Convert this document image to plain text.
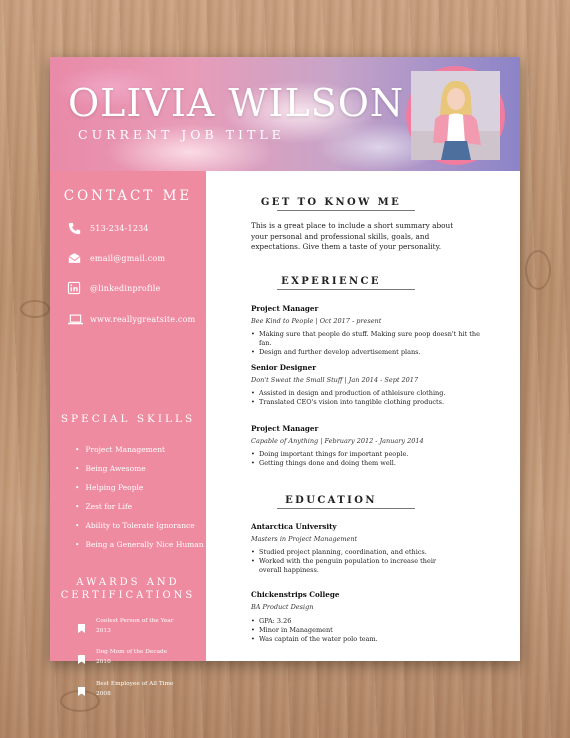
OLIVIA WILSON
CURRENT JOB TITLE
CONTACT ME
513-234-1234
email@gmail.com
@linkedinprofile
www.reallygreatsite.com
SPECIAL SKILLS
• Project Management
• Being Awesome
• Helping People
• Zest for Life
• Ability to Tolerate Ignorance
• Being a Generally Nice Human
AWARDS AND
CERTIFICATIONS
Coolest Person of the Year
2013
Dog Mom of the Decade
2010
Best Employee of All Time
2008
GET TO KNOW ME
This is a great place to include a short summary about your personal and professional skills, goals, and expectations. Give them a taste of your personality.
EXPERIENCE
Project Manager
Bee Kind to People | Oct 2017 - present
• Making sure that people do stuff. Making sure poop doesn't hit the fan.
• Design and further develop advertisement plans.
Senior Designer
Don't Sweat the Small Stuff | Jan 2014 - Sept 2017
• Assisted in design and production of athleisure clothing.
• Translated CEO's vision into tangible clothing products.
Project Manager
Capable of Anything | February 2012 - January 2014
• Doing important things for important people.
• Getting things done and doing them well.
EDUCATION
Antarctica University
Masters in Project Management
• Studied project planning, coordination, and ethics.
• Worked with the penguin population to increase their overall happiness.
Chickenstrips College
BA Product Design
• GPA: 3.26
• Minor in Management
• Was captain of the water polo team.
